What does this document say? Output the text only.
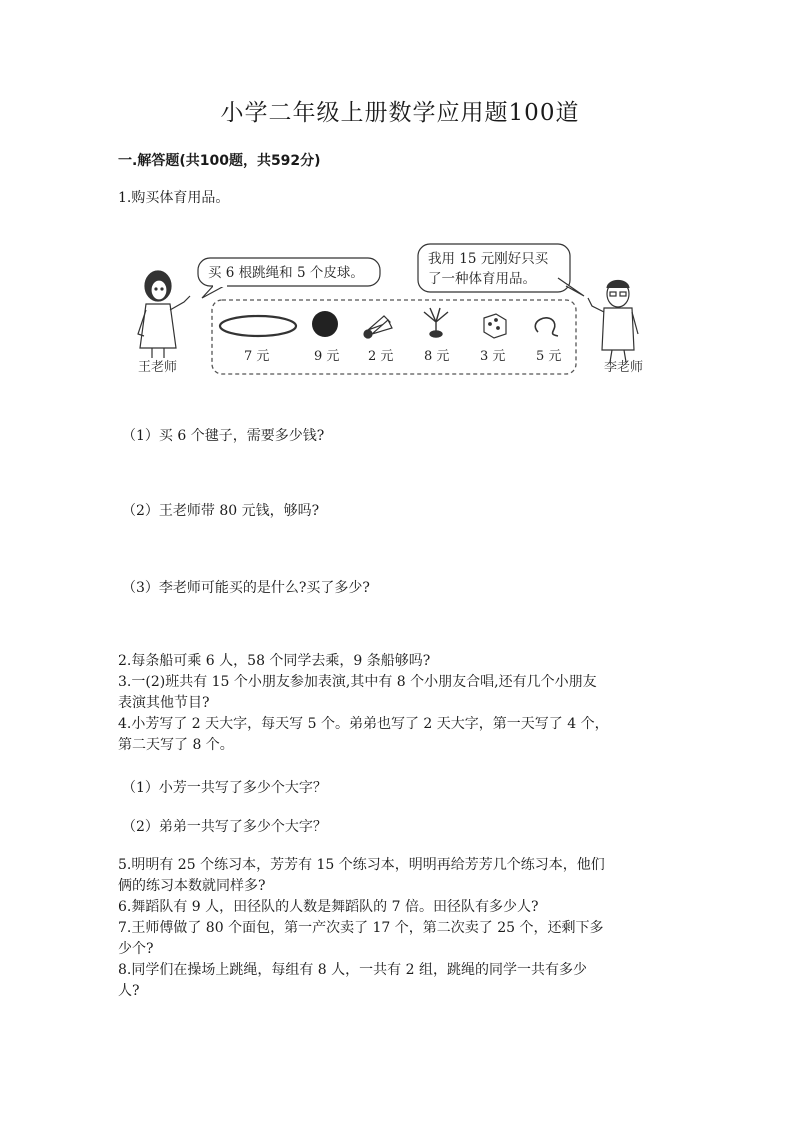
小学二年级上册数学应用题100道
一.解答题(共100题，共592分)
1.购买体育用品。
王老师
买 6 根跳绳和 5 个皮球。
我用 15 元刚好只买
了一种体育用品。
7 元	9 元 2 元 8 元 3 元 5 元
李老师
（1）买 6 个毽子，需要多少钱?
（2）王老师带 80 元钱，够吗?
（3）李老师可能买的是什么?买了多少?
2.每条船可乘 6 人，58 个同学去乘，9 条船够吗?
3.一(2)班共有 15 个小朋友参加表演,其中有 8 个小朋友合唱,还有几个小朋友
表演其他节目?
4.小芳写了 2 天大字，每天写 5 个。弟弟也写了 2 天大字，第一天写了 4 个，
第二天写了 8 个。
（1）小芳一共写了多少个大字？
（2）弟弟一共写了多少个大字？
5.明明有 25 个练习本，芳芳有 15 个练习本，明明再给芳芳几个练习本，他们
俩的练习本数就同样多?
6.舞蹈队有 9 人，田径队的人数是舞蹈队的 7 倍。田径队有多少人?
7.王师傅做了 80 个面包，第一产次卖了 17 个，第二次卖了 25 个，还剩下多
少个?
8.同学们在操场上跳绳，每组有 8 人，一共有 2 组，跳绳的同学一共有多少
人?
